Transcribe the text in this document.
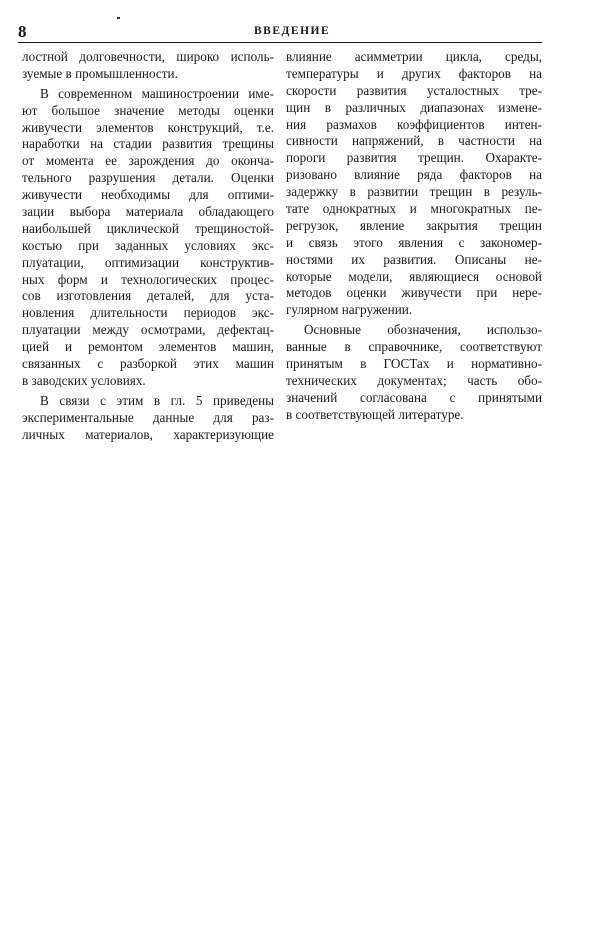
8	ВВЕДЕНИЕ
лостной долговечности, широко исполь-
зуемые в промышленности.
В современном машиностроении име-
ют большое значение методы оценки
живучести элементов конструкций, т.е.
наработки на стадии развития трещины
от момента ее зарождения до оконча-
тельного разрушения детали. Оценки
живучести необходимы для оптими-
зации выбора материала обладающего
наибольшей циклической трещиностой-
костью при заданных условиях экс-
плуатации, оптимизации конструктив-
ных форм и технологических процес-
сов изготовления деталей, для уста-
новления длительности периодов экс-
плуатации между осмотрами, дефектац-
цией и ремонтом элементов машин,
связанных с разборкой этих машин
в заводских условиях.
В связи с этим в гл. 5 приведены
экспериментальные данные для раз-
личных материалов, характеризующие
влияние асимметрии цикла, среды,
температуры и других факторов на
скорости развития усталостных тре-
щин в различных диапазонах измене-
ния размахов коэффициентов интен-
сивности напряжений, в частности на
пороги развития трещин. Охаракте-
ризовано влияние ряда факторов на
задержку в развитии трещин в резуль-
тате однократных и многократных пе-
регрузок, явление закрытия трещин
и связь этого явления с закономер-
ностями их развития. Описаны не-
которые модели, являющиеся основой
методов оценки живучести при нере-
гулярном нагружении.
Основные обозначения, использо-
ванные в справочнике, соответствуют
принятым в ГОСТах и нормативно-
технических документах; часть обо-
значений согласована с принятыми
в соответствующей литературе.
